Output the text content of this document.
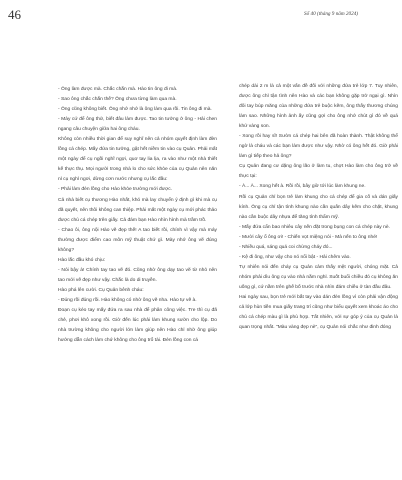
46	Số 40 (tháng 9 năm 2024)

- Ông làm được mà. Chắc chắn mà. Hào tin ông đi mà.

- Sao ông chắc chắn thế? Ông chưa từng làm qua mà.

- Ông cũng không biết. Ông nhớ nhớ là ông làm qua rồi. Tin ông đi mà.

- Mày cứ để ông thử, biết đâu làm được. Tao tin tưởng ở ông - Hải chen ngang câu chuyện giữa hai ông cháu.

Không còn nhiều thời gian để suy nghĩ nên cả nhóm quyết định làm đèn lồng cá chép. Mấy đứa tin tưởng, gật hết niềm tin vào cụ Quản. Phải mất một ngày để cụ ngồi nghĩ ngợi, quơ tay lia lịa, ra vào như một nhà thiết kế thực thụ. Mọi người trong nhà lo cho sức khỏe của cụ Quản nên năn nỉ cụ nghỉ ngơi, dừng cơn nước nhưng cụ lắc đầu:

- Phải làm đèn lồng cho Hào khỏe trường mới được.

Cả nhà biết cụ thương Hào nhất, khó mà lay chuyển ý định gì khi mà cụ đã quyết, nên thôi không can thiệp. Phải mất một ngày cụ mới phác thảo được chú cá chép trên giấy. Cả đám bạn Hào nhìn hình mà trầm trồ.

- Chao ôi, ông nội Hào vẽ đẹp thế! A tao biết rồi, chính vì vậy mà máy thường được điểm cao môn mỹ thuật chứ gì. Mày nhớ ông vẽ đúng không?

Hào lắc đầu khó chịu:

- Nói bậy à! Chính tay tao vẽ đó. Cũng nhờ ông dạy tao vẽ từ nhỏ nên tao mới vẽ đẹp như vậy. Chắc là do di truyền.

Hào phá lên cười. Cụ Quản bênh cháu:

- Đúng rồi đúng rồi. Hào không có nhờ ông vẽ nha. Hào tự vẽ à.

Đoạn cụ kéo tay mấy đứa ra sau nhà để phân công việc. Tre thì cụ đã chẻ, phơi khô xong rồi. Giờ đến lúc phải làm khung sườn cho lộp. Do nhà trường không cho người lớn làm giúp nên Hào chỉ nhờ ông giúp hướng dẫn cách làm chứ không cho ông trổ tài. Đèn lồng con cá

chép dài 2 m là cả một vấn đề đối với những đứa trẻ lớp 7. Tuy nhiên, được ông chỉ tận tình nên Hào và các bạn không gặp trở ngại gì. Nhìn đôi tay búp măng của những đứa trẻ buộc kẽm, ông thấy thương chúng làm sao. Những hình ảnh ấy cũng gợi cho ông nhớ chút gì đó về quá khứ vàng son.

- Xong rồi hay sĩ! Sườn cá chép hai bên đã hoàn thành. Thật không thể ngờ là cháu và các bạn làm được như vậy. Nhờ có ông hết đó. Giờ phải làm gì tiếp theo hả ông?

Cụ Quản đang cư dặng ông lão ở làm tu, chợt Hào làm cho ông trở về thực tại:

- À... À... Xong hết à. Rồi rồi, bây giờ tới lúc làm khung ne.

Rồi cụ Quản chỉ bọn trẻ làm khung cho cá chép để gia cố và dán giấy kính. Ông cụ chỉ tận tình khung nào cần quấn dây kẽm cho chặt, khung nào cần buộc dây nhựa để tăng tính thẩm mỹ.

- Mấy đứa cẩn bao nhiêu cây nến đặt trong bụng con cá chép này nè.

- Mười cây ổ ông ơi! - Chiến vọt miệng nói - Mà nến to ông nhé!

- Nhiều quá, sáng quá coi chừng cháy đó...

- Kệ đi ông, như vậy cho nó nổi bật - Hải chêm vào.

Tự nhiên nói đến cháy cụ Quản cảm thấy mệt người, chóng mặt. Cả nhóm phải dìu ông cụ vào nhà nằm nghỉ. Suốt buổi chiều đó cụ không ăn uống gì, cứ nằm trên ghế bố trước nhà nhìn đám chiều ở tàn đầu đâu.

Hai ngày sau, bọn trẻ mới bắt tay vào dán đèn lồng vì còn phải vận động cả lớp hùn tiền mua giấy trang trí cũng như biểu quyết xem khoác áo cho chú cá chép màu gì là phù hợp. Tất nhiên, với sự góp ý của cụ Quản là quan trọng nhất. "Màu vàng đẹp nè", cụ Quản nói chắc như đinh đóng
